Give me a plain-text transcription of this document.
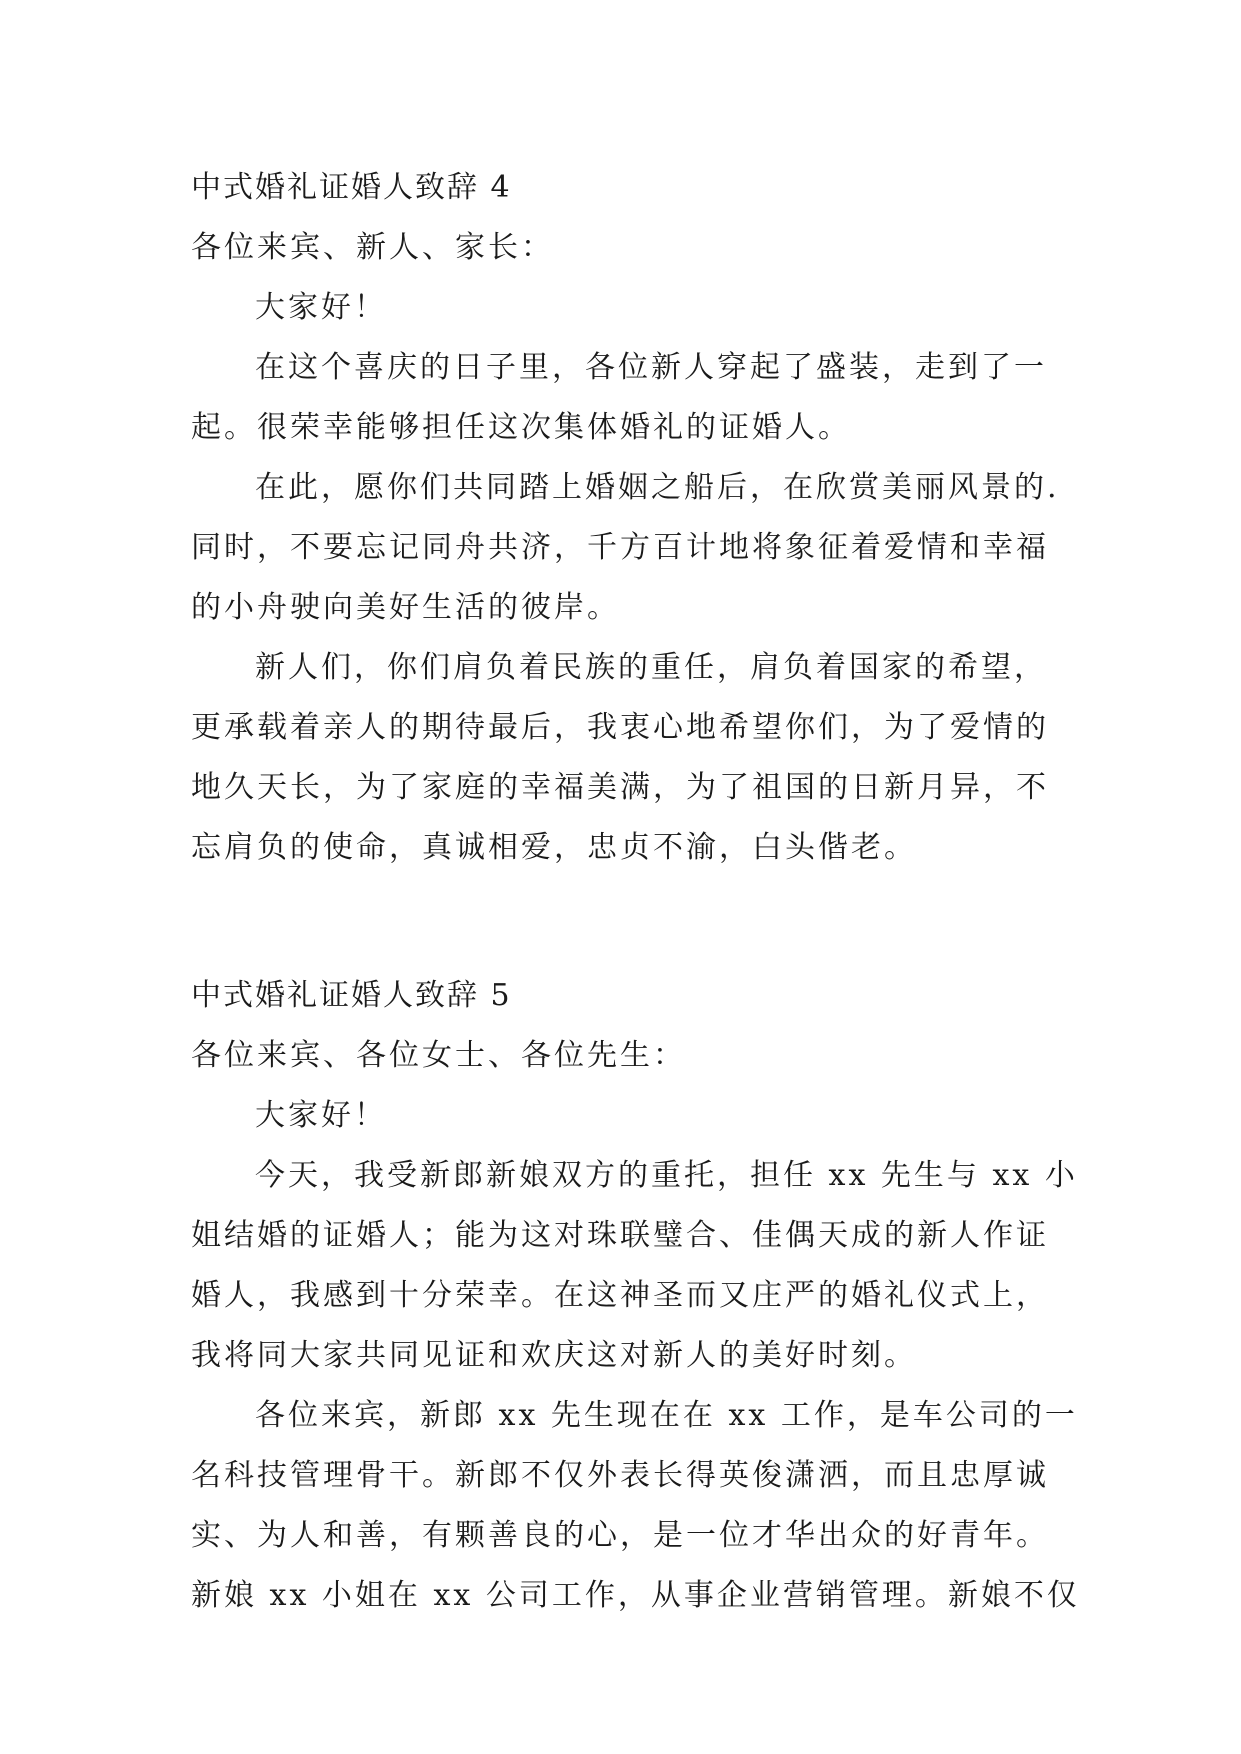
中式婚礼证婚人致辞 4
各位来宾、新人、家长：
大家好！
在这个喜庆的日子里，各位新人穿起了盛装，走到了一
起。很荣幸能够担任这次集体婚礼的证婚人。
在此，愿你们共同踏上婚姻之船后，在欣赏美丽风景的.
同时，不要忘记同舟共济，千方百计地将象征着爱情和幸福
的小舟驶向美好生活的彼岸。
新人们，你们肩负着民族的重任，肩负着国家的希望，
更承载着亲人的期待最后，我衷心地希望你们，为了爱情的
地久天长，为了家庭的幸福美满，为了祖国的日新月异，不
忘肩负的使命，真诚相爱，忠贞不渝，白头偕老。
中式婚礼证婚人致辞 5
各位来宾、各位女士、各位先生：
大家好！
今天，我受新郎新娘双方的重托，担任 xx 先生与 xx 小
姐结婚的证婚人；能为这对珠联璧合、佳偶天成的新人作证
婚人，我感到十分荣幸。在这神圣而又庄严的婚礼仪式上，
我将同大家共同见证和欢庆这对新人的美好时刻。
各位来宾，新郎 xx 先生现在在 xx 工作，是车公司的一
名科技管理骨干。新郎不仅外表长得英俊潇洒，而且忠厚诚
实、为人和善，有颗善良的心，是一位才华出众的好青年。
新娘 xx 小姐在 xx 公司工作，从事企业营销管理。新娘不仅
